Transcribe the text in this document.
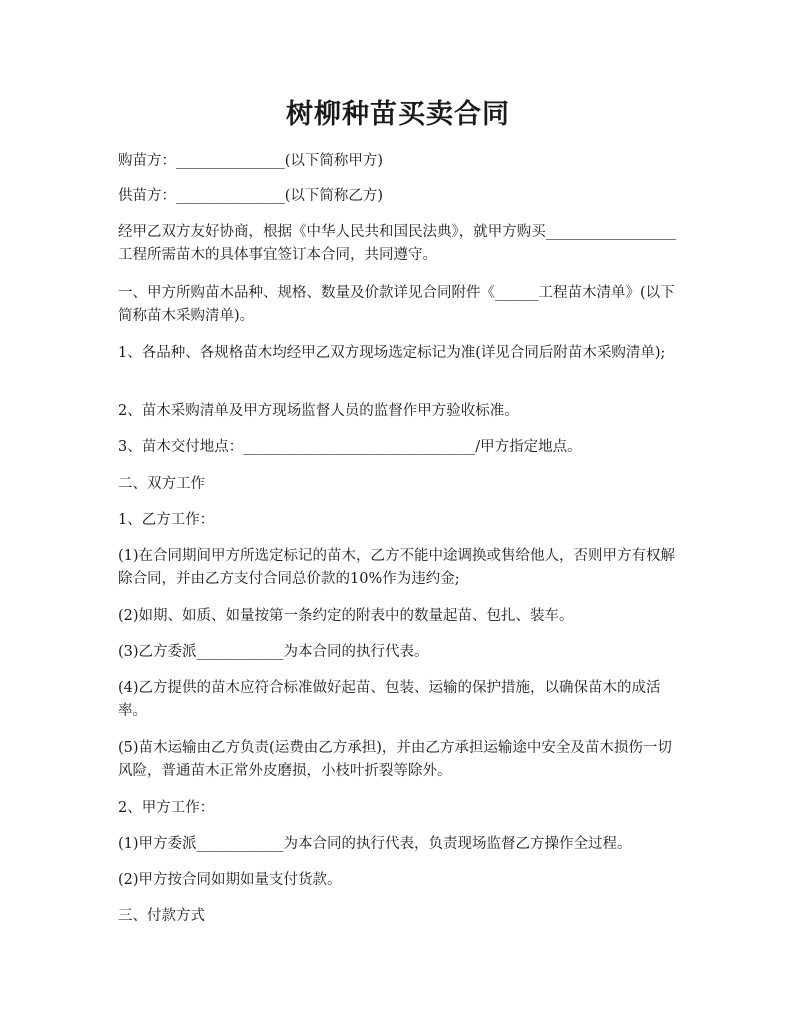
树柳种苗买卖合同
购苗方：_______________(以下简称甲方)
供苗方：_______________(以下简称乙方)
经甲乙双方友好协商，根据《中华人民共和国民法典》，就甲方购买__________________工程所需苗木的具体事宜签订本合同，共同遵守。
一、甲方所购苗木品种、规格、数量及价款详见合同附件《______工程苗木清单》(以下简称苗木采购清单)。
1、各品种、各规格苗木均经甲乙双方现场选定标记为准(详见合同后附苗木采购清单);
2、苗木采购清单及甲方现场监督人员的监督作甲方验收标准。
3、苗木交付地点：________________________________/甲方指定地点。
二、双方工作
1、乙方工作：
(1)在合同期间甲方所选定标记的苗木，乙方不能中途调换或售给他人，否则甲方有权解除合同，并由乙方支付合同总价款的10%作为违约金;
(2)如期、如质、如量按第一条约定的附表中的数量起苗、包扎、装车。
(3)乙方委派____________为本合同的执行代表。
(4)乙方提供的苗木应符合标准做好起苗、包装、运输的保护措施，以确保苗木的成活率。
(5)苗木运输由乙方负责(运费由乙方承担)，并由乙方承担运输途中安全及苗木损伤一切风险，普通苗木正常外皮磨损，小枝叶折裂等除外。
2、甲方工作：
(1)甲方委派____________为本合同的执行代表，负责现场监督乙方操作全过程。
(2)甲方按合同如期如量支付货款。
三、付款方式
